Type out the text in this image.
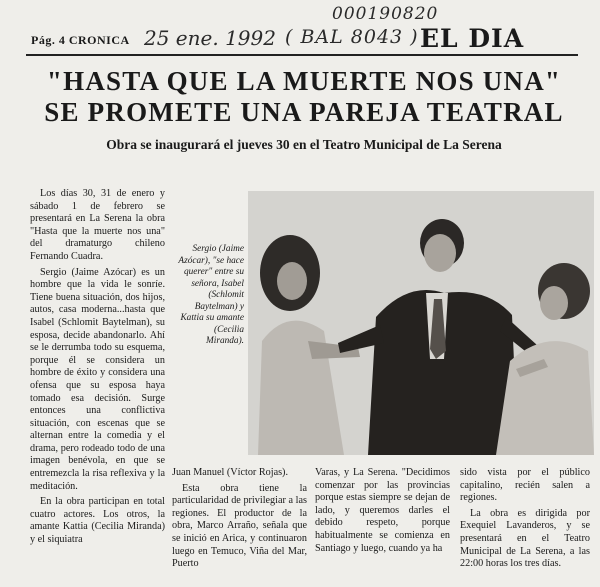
000190820
Pág. 4 CRONICA 25 ene. 1992 ( BAL 8043 ) EL DIA
"HASTA QUE LA MUERTE NOS UNA"
SE PROMETE UNA PAREJA TEATRAL
Obra se inaugurará el jueves 30 en el Teatro Municipal de La Serena

Los días 30, 31 de enero y sábado 1 de febrero se presentará en La Serena la obra "Hasta que la muerte nos una" del dramaturgo chileno Fernando Cuadra.

Sergio (Jaime Azócar) es un hombre que la vida le sonríe. Tiene buena situación, dos hijos, autos, casa moderna...hasta que Isabel (Schlomit Baytelman), su esposa, decide abandonarlo. Ahí se le derrumba todo su esquema, porque él se considera un hombre de éxito y considera una ofensa que su esposa haya tomado esa decisión. Surge entonces una conflictiva situación, con escenas que se alternan entre la comedia y el drama, pero rodeado todo de una imagen benévola, en que se entremezcla la risa reflexiva y la meditación.

En la obra participan en total cuatro actores. Los otros, la amante Kattia (Cecilia Miranda) y el siquiatra

Sergio (Jaime Azócar), "se hace querer" entre su señora, Isabel (Schlomit Baytelman) y Kattia su amante (Cecilia Miranda).

Juan Manuel (Víctor Rojas).

Esta obra tiene la particularidad de privilegiar a las regiones. El productor de la obra, Marco Arraño, señala que se inició en Arica, y continuaron luego en Temuco, Viña del Mar, Puerto

Varas, y La Serena. "Decidimos comenzar por las provincias porque estas siempre se dejan de lado, y queremos darles el debido respeto, porque habitualmente se comienza en Santiago y luego, cuando ya ha

sido vista por el público capitalino, recién salen a regiones.

La obra es dirigida por Exequiel Lavanderos, y se presentará en el Teatro Municipal de La Serena, a las 22:00 horas los tres días.
